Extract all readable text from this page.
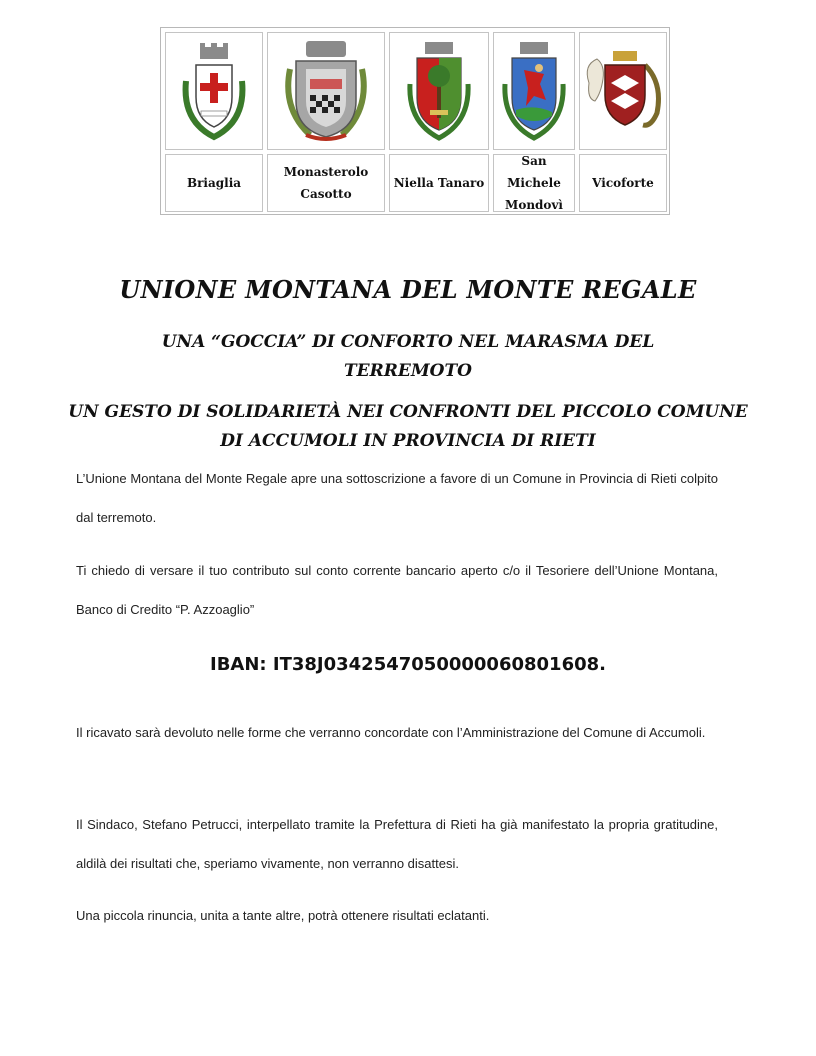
Briaglia
Monasterolo Casotto
Niella Tanaro
San Michele Mondovì
Vicoforte
UNIONE MONTANA DEL MONTE REGALE
UNA “GOCCIA” DI CONFORTO NEL MARASMA DEL TERREMOTO
UN GESTO DI SOLIDARIETÀ NEI CONFRONTI DEL PICCOLO COMUNE DI ACCUMOLI IN PROVINCIA DI RIETI

L’Unione Montana del Monte Regale apre una sottoscrizione a favore di un Comune in Provincia di Rieti colpito dal terremoto.

Ti chiedo di versare il tuo contributo sul conto corrente bancario aperto c/o il Tesoriere dell’Unione Montana, Banco di Credito “P. Azzoaglio”

IBAN: IT38J0342547050000060801608.

Il ricavato sarà devoluto nelle forme che verranno concordate con l’Amministrazione del Comune di Accumoli.

Il Sindaco, Stefano Petrucci, interpellato tramite la Prefettura di Rieti ha già manifestato la propria gratitudine, aldilà dei risultati che, speriamo vivamente, non verranno disattesi.

Una piccola rinuncia, unita a tante altre, potrà ottenere risultati eclatanti.
